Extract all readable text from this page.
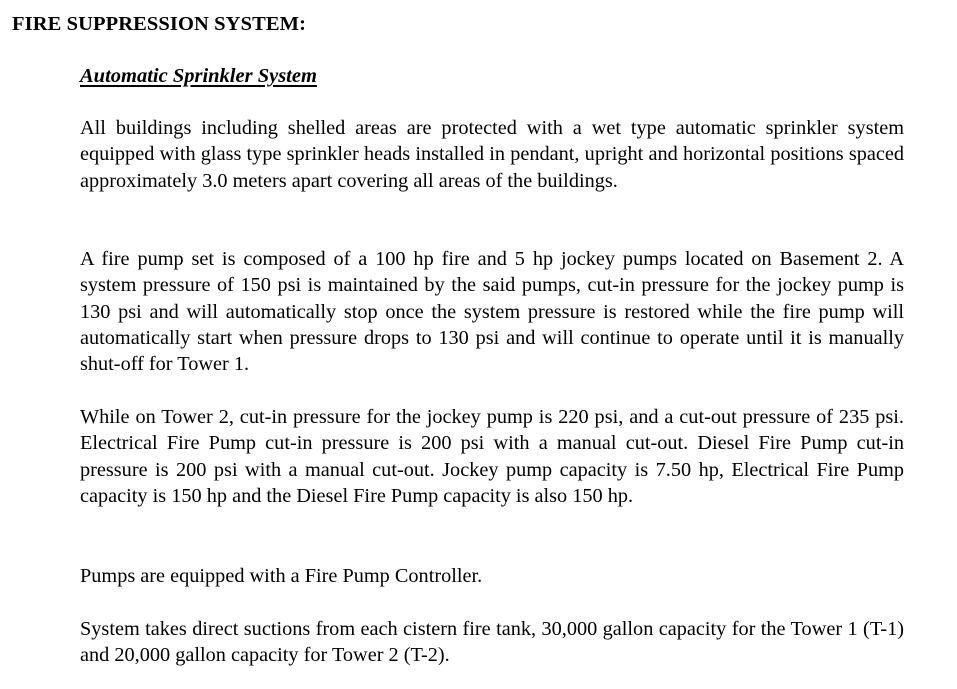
FIRE SUPPRESSION SYSTEM:
Automatic Sprinkler System

All buildings including shelled areas are protected with a wet type automatic sprinkler system equipped with glass type sprinkler heads installed in pendant, upright and horizontal positions spaced approximately 3.0 meters apart covering all areas of the buildings.

A fire pump set is composed of a 100 hp fire and 5 hp jockey pumps located on Basement 2. A system pressure of 150 psi is maintained by the said pumps, cut-in pressure for the jockey pump is 130 psi and will automatically stop once the system pressure is restored while the fire pump will automatically start when pressure drops to 130 psi and will continue to operate until it is manually shut-off for Tower 1.

While on Tower 2, cut-in pressure for the jockey pump is 220 psi, and a cut-out pressure of 235 psi. Electrical Fire Pump cut-in pressure is 200 psi with a manual cut-out. Diesel Fire Pump cut-in pressure is 200 psi with a manual cut-out. Jockey pump capacity is 7.50 hp, Electrical Fire Pump capacity is 150 hp and the Diesel Fire Pump capacity is also 150 hp.

Pumps are equipped with a Fire Pump Controller.

System takes direct suctions from each cistern fire tank, 30,000 gallon capacity for the Tower 1 (T-1) and 20,000 gallon capacity for Tower 2 (T-2).
